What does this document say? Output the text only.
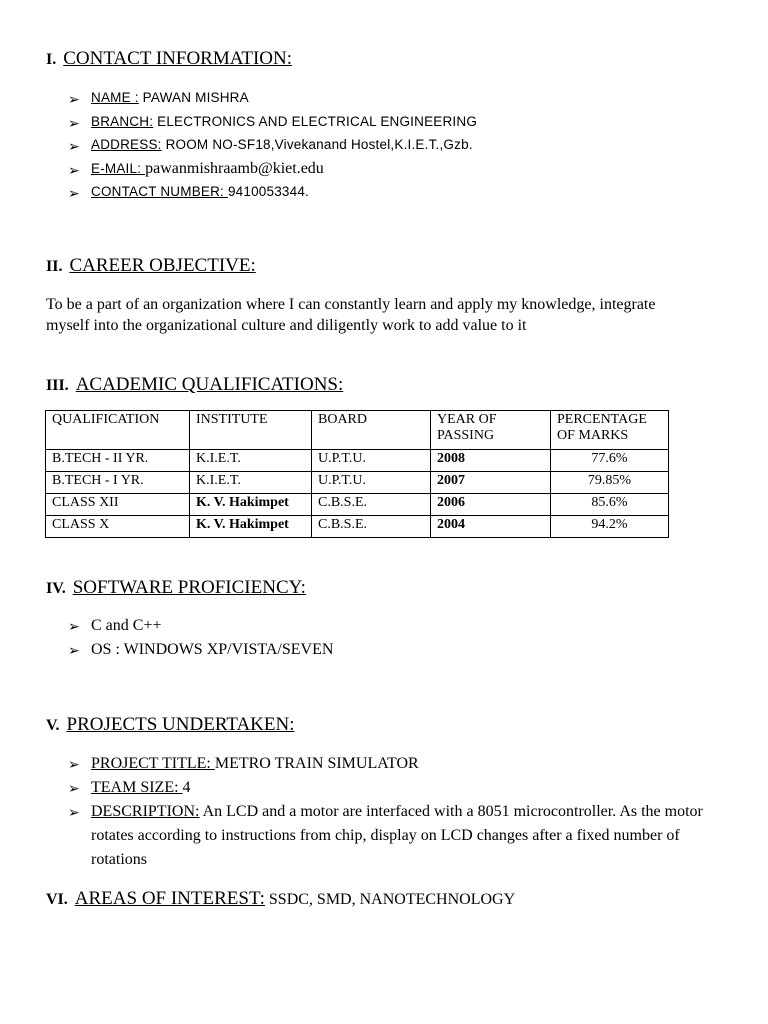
I. CONTACT INFORMATION:
➢ NAME : PAWAN MISHRA
➢ BRANCH: ELECTRONICS AND ELECTRICAL ENGINEERING
➢ ADDRESS: ROOM NO-SF18,Vivekanand Hostel,K.I.E.T.,Gzb.
➢ E-MAIL: pawanmishraamb@kiet.edu
➢ CONTACT NUMBER: 9410053344.
II. CAREER OBJECTIVE:
To be a part of an organization where I can constantly learn and apply my knowledge, integrate myself into the organizational culture and diligently work to add value to it
III. ACADEMIC QUALIFICATIONS:
QUALIFICATION	INSTITUTE	BOARD	YEAR OF PASSING	PERCENTAGE OF MARKS
B.TECH - II YR.	K.I.E.T.	U.P.T.U.	2008	77.6%
B.TECH - I YR.	K.I.E.T.	U.P.T.U.	2007	79.85%
CLASS XII	K. V. Hakimpet	C.B.S.E.	2006	85.6%
CLASS X	K. V. Hakimpet	C.B.S.E.	2004	94.2%
IV. SOFTWARE PROFICIENCY:
➢ C and C++
➢ OS : WINDOWS XP/VISTA/SEVEN
V. PROJECTS UNDERTAKEN:
➢ PROJECT TITLE: METRO TRAIN SIMULATOR
➢ TEAM SIZE: 4
➢ DESCRIPTION: An LCD and a motor are interfaced with a 8051 microcontroller. As the motor rotates according to instructions from chip, display on LCD changes after a fixed number of rotations
VI. AREAS OF INTEREST: SSDC, SMD, NANOTECHNOLOGY
